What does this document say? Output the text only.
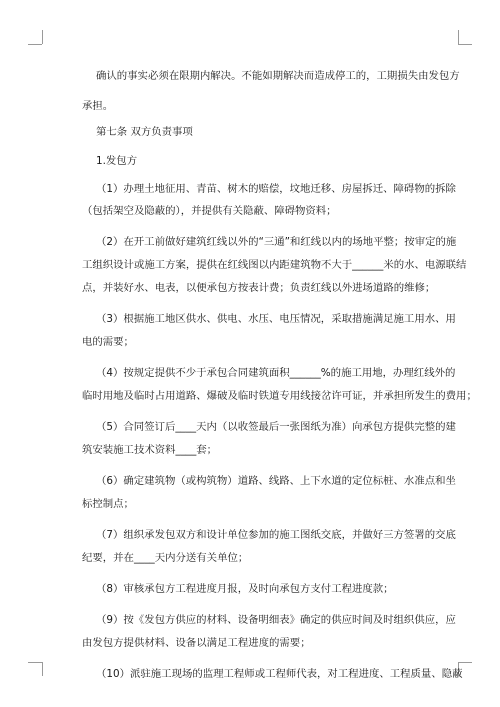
确认的事实必须在限期内解决。不能如期解决而造成停工的，工期损失由发包方
承担。
第七条 双方负责事项
1.发包方
（1）办理土地征用、青苗、树木的赔偿，坟地迁移、房屋拆迁、障碍物的拆除
（包括架空及隐蔽的），并提供有关隐蔽、障碍物资料；
（2）在开工前做好建筑红线以外的“三通”和红线以内的场地平整；按审定的施
工组织设计或施工方案，提供在红线图以内距建筑物不大于______米的水、电源联结
点，并装好水、电表，以便承包方按表计费；负责红线以外进场道路的维修；
（3）根据施工地区供水、供电、水压、电压情况，采取措施满足施工用水、用
电的需要；
（4）按规定提供不少于承包合同建筑面积______%的施工用地，办理红线外的
临时用地及临时占用道路、爆破及临时铁道专用线接岔许可证，并承担所发生的费用；
（5）合同签订后____天内（以收签最后一张图纸为准）向承包方提供完整的建
筑安装施工技术资料____套；
（6）确定建筑物（或构筑物）道路、线路、上下水道的定位标桩、水准点和坐
标控制点；
（7）组织承发包双方和设计单位参加的施工图纸交底，并做好三方签署的交底
纪要，并在____天内分送有关单位；
（8）审核承包方工程进度月报，及时向承包方支付工程进度款；
（9）按《发包方供应的材料、设备明细表》确定的供应时间及时组织供应，应
由发包方提供材料、设备以满足工程进度的需要；
（10）派驻施工现场的监理工程师或工程师代表，对工程进度、工程质量、隐蔽
